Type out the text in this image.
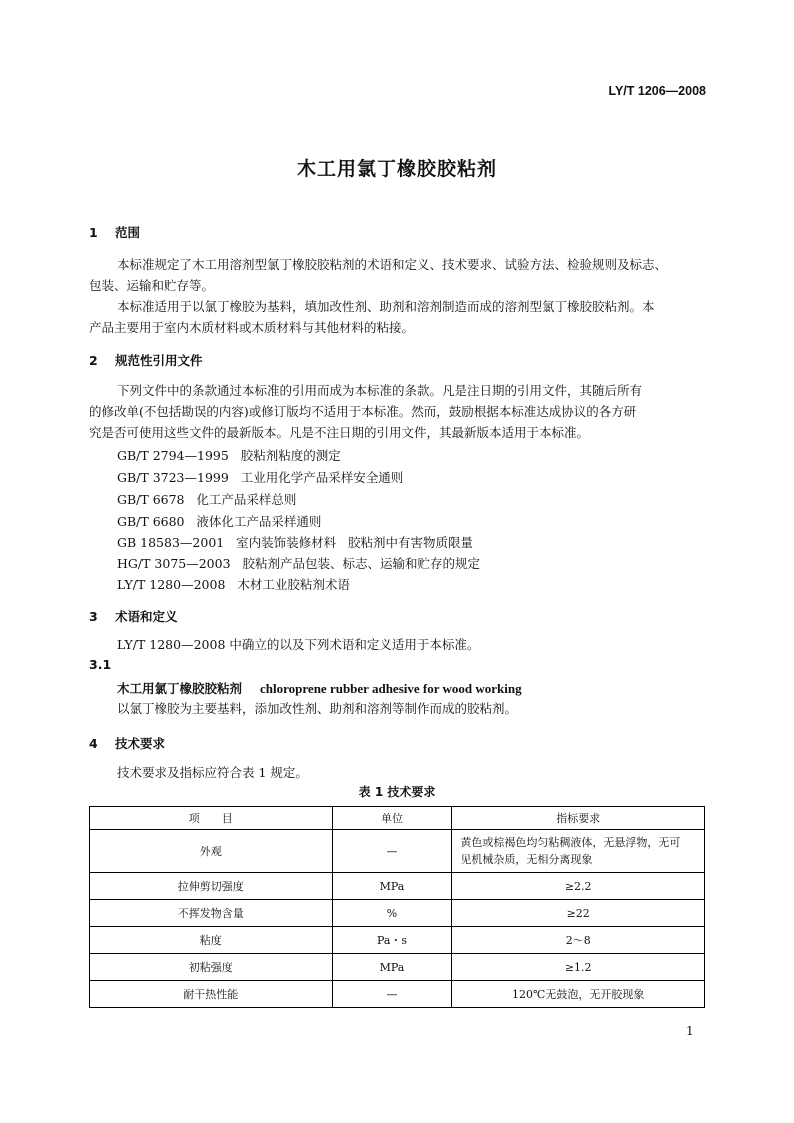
LY/T 1206—2008
木工用氯丁橡胶胶粘剂
1 范围
本标准规定了木工用溶剂型氯丁橡胶胶粘剂的术语和定义、技术要求、试验方法、检验规则及标志、
包装、运输和贮存等。
本标准适用于以氯丁橡胶为基料，填加改性剂、助剂和溶剂制造而成的溶剂型氯丁橡胶胶粘剂。本
产品主要用于室内木质材料或木质材料与其他材料的粘接。
2 规范性引用文件
下列文件中的条款通过本标准的引用而成为本标准的条款。凡是注日期的引用文件，其随后所有
的修改单(不包括勘误的内容)或修订版均不适用于本标准。然而，鼓励根据本标准达成协议的各方研
究是否可使用这些文件的最新版本。凡是不注日期的引用文件，其最新版本适用于本标准。
GB/T 2794—1995   胶粘剂粘度的测定
GB/T 3723—1999   工业用化学产品采样安全通则
GB/T 6678   化工产品采样总则
GB/T 6680   液体化工产品采样通则
GB 18583—2001   室内装饰装修材料   胶粘剂中有害物质限量
HG/T 3075—2003   胶粘剂产品包装、标志、运输和贮存的规定
LY/T 1280—2008   木材工业胶粘剂术语
3 术语和定义
LY/T 1280—2008 中确立的以及下列术语和定义适用于本标准。
3.1
木工用氯丁橡胶胶粘剂 chloroprene rubber adhesive for wood working
以氯丁橡胶为主要基料，添加改性剂、助剂和溶剂等制作而成的胶粘剂。
4 技术要求
技术要求及指标应符合表 1 规定。
表 1 技术要求
项　　目	单位	指标要求
外观	—	黄色或棕褐色均匀粘稠液体，无悬浮物，无可
见机械杂质，无相分离现象

拉伸剪切强度	MPa	≥2.2
不挥发物含量	%	≥22
粘度	Pa・s	2～8
初粘强度	MPa	≥1.2
耐干热性能	—	120℃无鼓泡，无开胶现象
1
